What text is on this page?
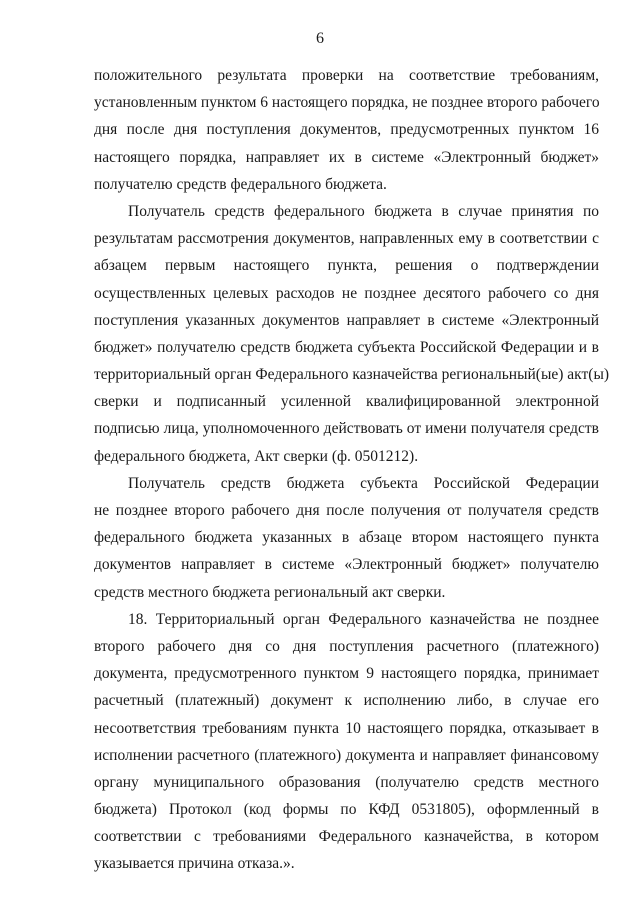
6
положительного результата проверки на соответствие требованиям,
установленным пунктом 6 настоящего порядка, не позднее второго рабочего
дня после дня поступления документов, предусмотренных пунктом 16
настоящего порядка, направляет их в системе «Электронный бюджет»
получателю средств федерального бюджета.
Получатель средств федерального бюджета в случае принятия по
результатам рассмотрения документов, направленных ему в соответствии с
абзацем первым настоящего пункта, решения о подтверждении
осуществленных целевых расходов не позднее десятого рабочего со дня
поступления указанных документов направляет в системе «Электронный
бюджет» получателю средств бюджета субъекта Российской Федерации и в
территориальный орган Федерального казначейства региональный(ые) акт(ы)
сверки и подписанный усиленной квалифицированной электронной
подписью лица, уполномоченного действовать от имени получателя средств
федерального бюджета, Акт сверки (ф. 0501212).
Получатель средств бюджета субъекта Российской Федерации
не позднее второго рабочего дня после получения от получателя средств
федерального бюджета указанных в абзаце втором настоящего пункта
документов направляет в системе «Электронный бюджет» получателю
средств местного бюджета региональный акт сверки.
18. Территориальный орган Федерального казначейства не позднее
второго рабочего дня со дня поступления расчетного (платежного)
документа, предусмотренного пунктом 9 настоящего порядка, принимает
расчетный (платежный) документ к исполнению либо, в случае его
несоответствия требованиям пункта 10 настоящего порядка, отказывает в
исполнении расчетного (платежного) документа и направляет финансовому
органу муниципального образования (получателю средств местного
бюджета) Протокол (код формы по КФД 0531805), оформленный в
соответствии с требованиями Федерального казначейства, в котором
указывается причина отказа.».
